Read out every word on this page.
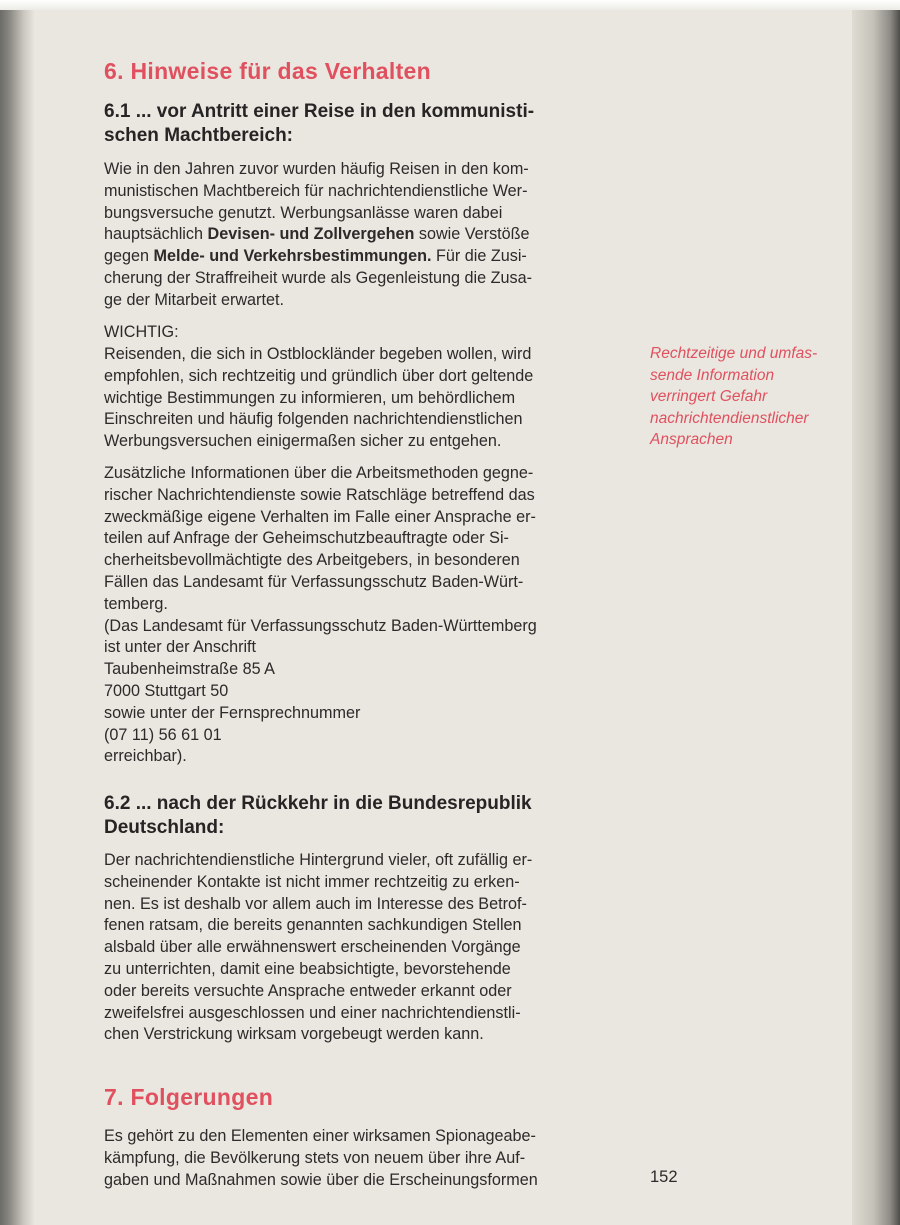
6. Hinweise für das Verhalten
6.1 ... vor Antritt einer Reise in den kommunisti-
schen Machtbereich:

Wie in den Jahren zuvor wurden häufig Reisen in den kom-
munistischen Machtbereich für nachrichtendienstliche Wer-
bungsversuche genutzt. Werbungsanlässe waren dabei
hauptsächlich Devisen- und Zollvergehen sowie Verstöße
gegen Melde- und Verkehrsbestimmungen. Für die Zusi-
cherung der Straffreiheit wurde als Gegenleistung die Zusa-
ge der Mitarbeit erwartet.

WICHTIG:

Reisenden, die sich in Ostblockländer begeben wollen, wird
empfohlen, sich rechtzeitig und gründlich über dort geltende
wichtige Bestimmungen zu informieren, um behördlichem
Einschreiten und häufig folgenden nachrichtendienstlichen
Werbungsversuchen einigermaßen sicher zu entgehen.

Zusätzliche Informationen über die Arbeitsmethoden gegne-
rischer Nachrichtendienste sowie Ratschläge betreffend das
zweckmäßige eigene Verhalten im Falle einer Ansprache er-
teilen auf Anfrage der Geheimschutzbeauftragte oder Si-
cherheitsbevollmächtigte des Arbeitgebers, in besonderen
Fällen das Landesamt für Verfassungsschutz Baden-Würt-
temberg.
(Das Landesamt für Verfassungsschutz Baden-Württemberg
ist unter der Anschrift
Taubenheimstraße 85 A
7000 Stuttgart 50
sowie unter der Fernsprechnummer
(07 11) 56 61 01
erreichbar).

6.2 ... nach der Rückkehr in die Bundesrepublik
Deutschland:

Der nachrichtendienstliche Hintergrund vieler, oft zufällig er-
scheinender Kontakte ist nicht immer rechtzeitig zu erken-
nen. Es ist deshalb vor allem auch im Interesse des Betrof-
fenen ratsam, die bereits genannten sachkundigen Stellen
alsbald über alle erwähnenswert erscheinenden Vorgänge
zu unterrichten, damit eine beabsichtigte, bevorstehende
oder bereits versuchte Ansprache entweder erkannt oder
zweifelsfrei ausgeschlossen und einer nachrichtendienstli-
chen Verstrickung wirksam vorgebeugt werden kann.

7. Folgerungen

Es gehört zu den Elementen einer wirksamen Spionageabe-
kämpfung, die Bevölkerung stets von neuem über ihre Auf-
gaben und Maßnahmen sowie über die Erscheinungsformen

Rechtzeitige und umfas-
sende Information
verringert Gefahr
nachrichtendienstlicher
Ansprachen
152
